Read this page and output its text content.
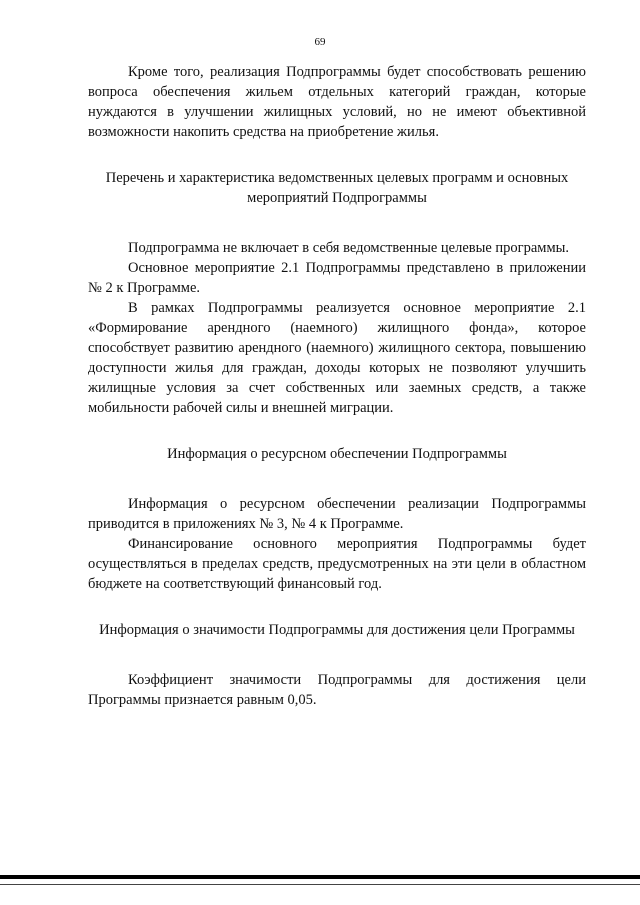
69

Кроме того, реализация Подпрограммы будет способствовать решению вопроса обеспечения жильем отдельных категорий граждан, которые нуждаются в улучшении жилищных условий, но не имеют объективной возможности накопить средства на приобретение жилья.

Перечень и характеристика ведомственных целевых программ и основных мероприятий Подпрограммы

Подпрограмма не включает в себя ведомственные целевые программы.

Основное мероприятие 2.1 Подпрограммы представлено в приложении № 2 к Программе.

В рамках Подпрограммы реализуется основное мероприятие 2.1 «Формирование арендного (наемного) жилищного фонда», которое способствует развитию арендного (наемного) жилищного сектора, повышению доступности жилья для граждан, доходы которых не позволяют улучшить жилищные условия за счет собственных или заемных средств, а также мобильности рабочей силы и внешней миграции.

Информация о ресурсном обеспечении Подпрограммы

Информация о ресурсном обеспечении реализации Подпрограммы приводится в приложениях № 3, № 4 к Программе.

Финансирование основного мероприятия Подпрограммы будет осуществляться в пределах средств, предусмотренных на эти цели в областном бюджете на соответствующий финансовый год.

Информация о значимости Подпрограммы для достижения цели Программы

Коэффициент значимости Подпрограммы для достижения цели Программы признается равным 0,05.
